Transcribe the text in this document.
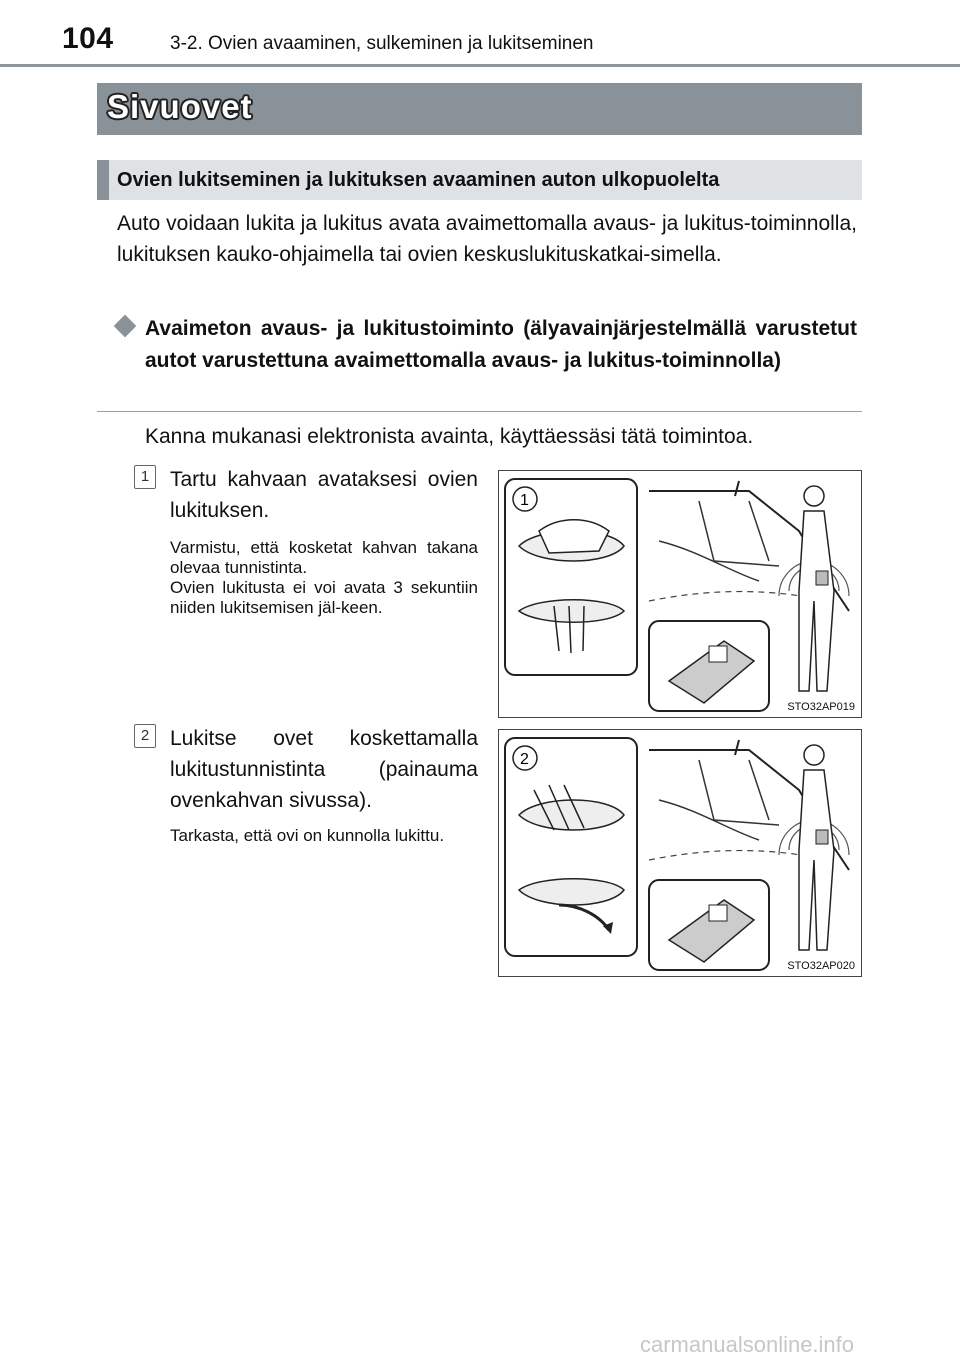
104	3-2. Ovien avaaminen, sulkeminen ja lukitseminen
Sivuovet
Ovien lukitseminen ja lukituksen avaaminen auton ulkopuolelta
Auto voidaan lukita ja lukitus avata avaimettomalla avaus- ja lukitus-toiminnolla, lukituksen kauko-ohjaimella tai ovien keskuslukituskatkai-simella.
Avaimeton avaus- ja lukitustoiminto (älyavainjärjestelmällä varustetut autot varustettuna avaimettomalla avaus- ja lukitus-toiminnolla)
Kanna mukanasi elektronista avainta, käyttäessäsi tätä toimintoa.
1 Tartu kahvaan avataksesi ovien lukituksen.
Varmistu, että kosketat kahvan takana olevaa tunnistinta.
Ovien lukitusta ei voi avata 3 sekuntiin niiden lukitsemisen jäl-keen.
1
STO32AP019
2 Lukitse ovet koskettamalla lukitustunnistinta (painauma ovenkahvan sivussa).
Tarkasta, että ovi on kunnolla lukittu.
2
STO32AP020
carmanualsonline.info
